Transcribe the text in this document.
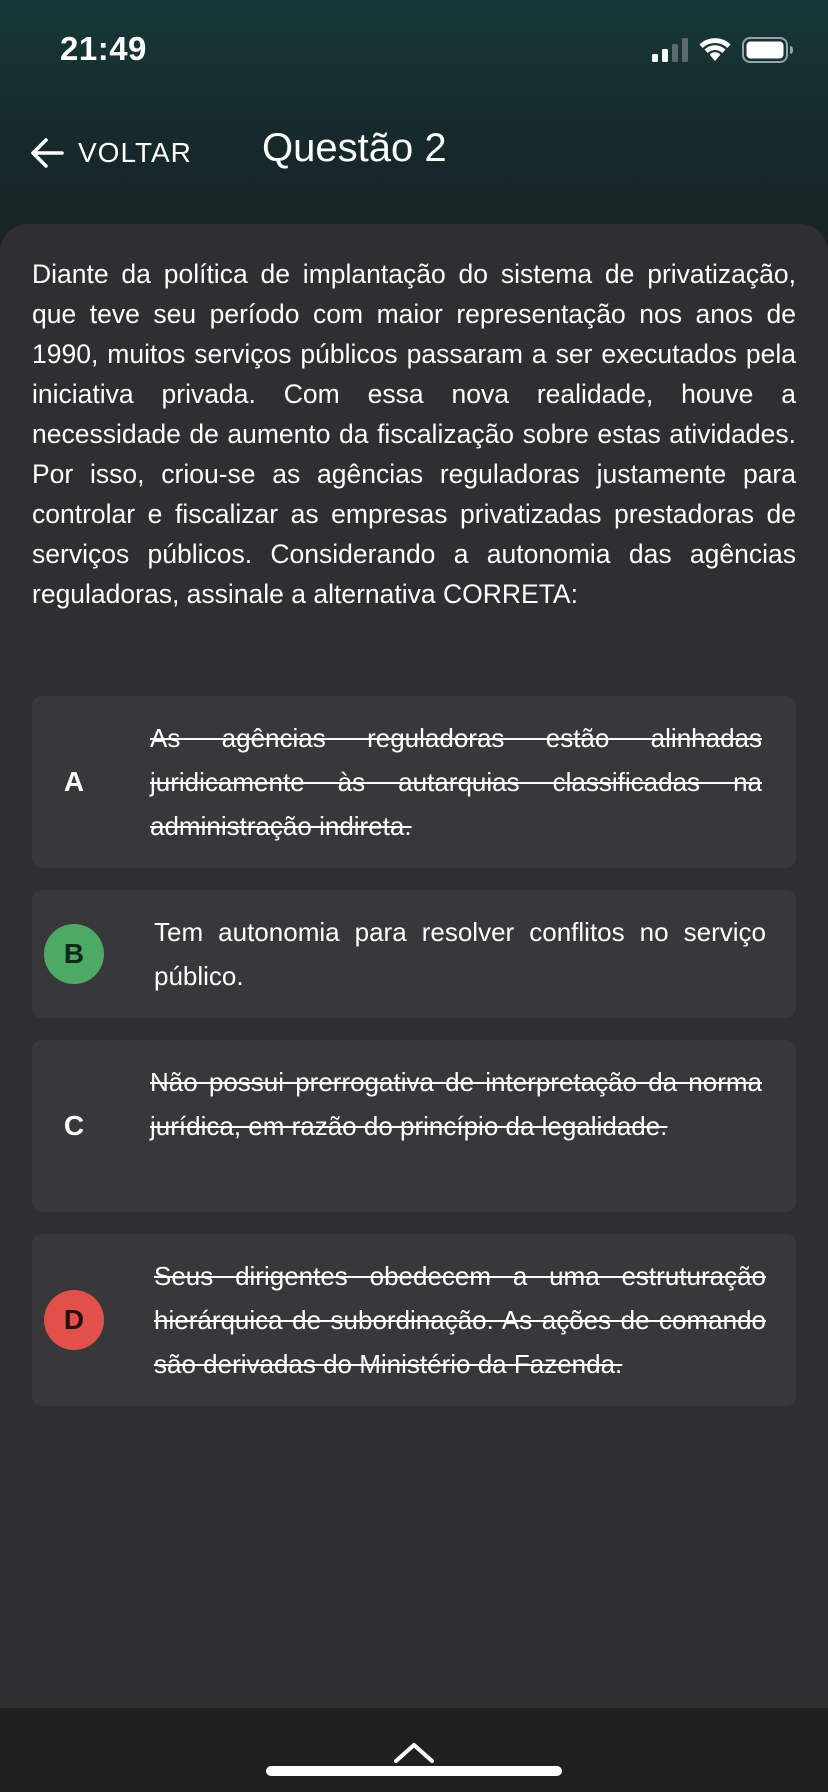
21:49
VOLTAR Questão 2

Diante da política de implantação do sistema de privatização, que teve seu período com maior representação nos anos de 1990, muitos serviços públicos passaram a ser executados pela iniciativa privada. Com essa nova realidade, houve a necessidade de aumento da fiscalização sobre estas atividades. Por isso, criou-se as agências reguladoras justamente para controlar e fiscalizar as empresas privatizadas prestadoras de serviços públicos. Considerando a autonomia das agências reguladoras, assinale a alternativa CORRETA:

A

As agências reguladoras estão alinhadas juridicamente às autarquias classificadas na administração indireta.

B

Tem autonomia para resolver conflitos no serviço público.

C

Não possui prerrogativa de interpretação da norma jurídica, em razão do princípio da legalidade.

D

Seus dirigentes obedecem a uma estruturação hierárquica de subordinação. As ações de comando são derivadas do Ministério da Fazenda.
